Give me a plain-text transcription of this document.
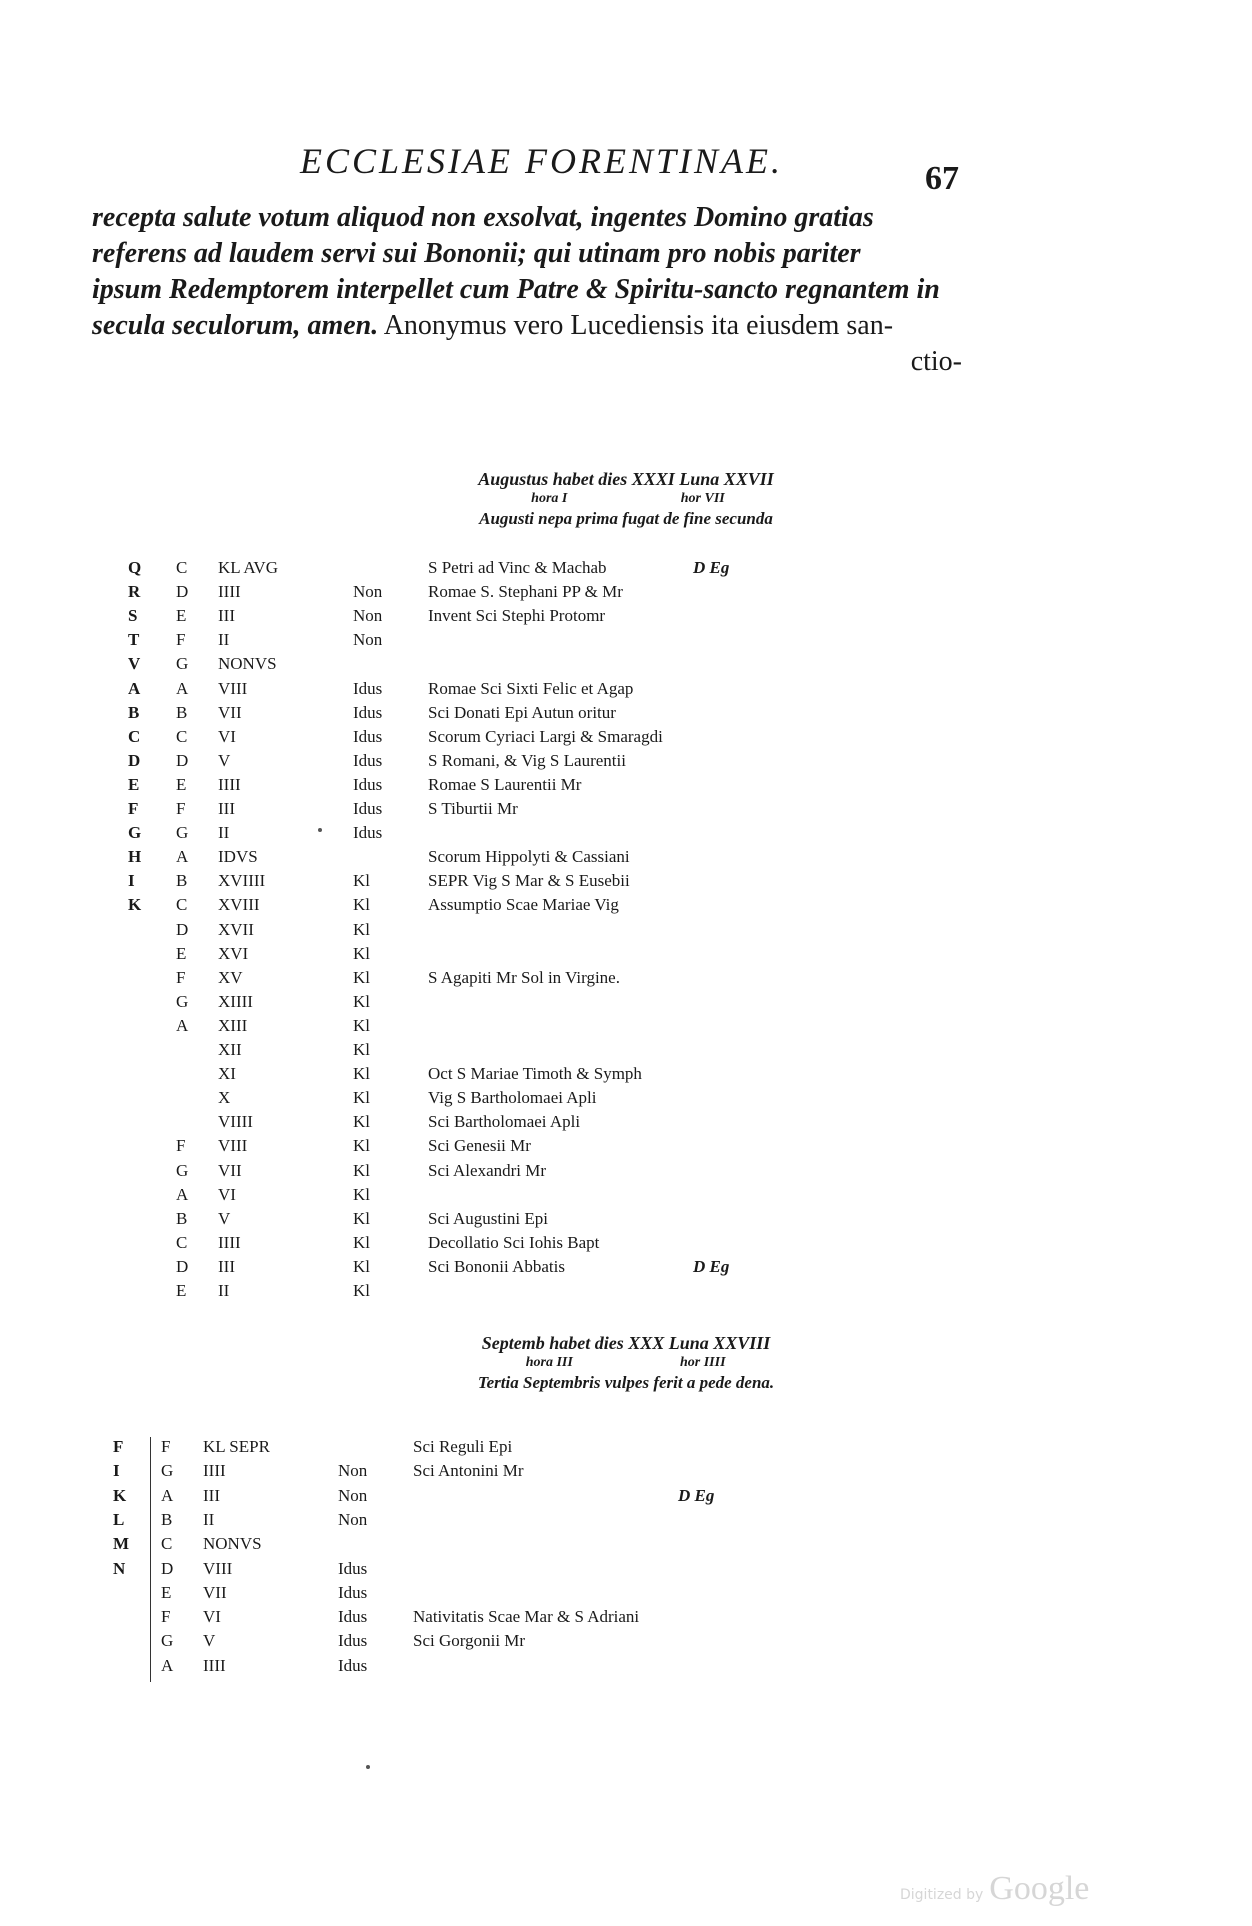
ECCLESIAE FORENTINAE.	67
recepta salute votum aliquod non exsolvat, ingentes Domino gratias
referens ad laudem servi sui Bononii; qui utinam pro nobis pariter
ipsum Redemptorem interpellet cum Patre & Spiritu-sancto regnantem in
secula seculorum, amen. Anonymus vero Lucediensis ita eiusdem san-
ctio-
Augustus habet dies XXXI Luna XXVII
hora I	hor VII
Augusti nepa prima fugat de fine secunda
Q C	KL AVG	S Petri ad Vinc & Machab	D Eg
R	D	IIII	Non	Romae S. Stephani PP & Mr
S	E	III	Non	Invent Sci Stephi Protomr
T	F	II	Non
V	G	NONVS
A	A	VIII	Idus	Romae Sci Sixti Felic et Agap
B	B	VII	Idus	Sci Donati Epi Autun oritur
C	C	VI	Idus	Scorum Cyriaci Largi & Smaragdi
D	D	V	Idus	S Romani, & Vig S Laurentii
E	E	IIII	Idus	Romae S Laurentii Mr
F	F	III	Idus	S Tiburtii Mr
G G	II	Idus
H A	IDVS	Scorum Hippolyti & Cassiani
I	B	XVIIII	Kl	SEPR Vig S Mar & S Eusebii
K C	XVIII	Kl	Assumptio Scae Mariae Vig
D	XVII	Kl
E	XVI	Kl
F	XV	Kl	S Agapiti Mr Sol in Virgine.
G	XIIII	Kl
A	XIII	Kl
XII	Kl
XI	Kl	Oct S Mariae Timoth & Symph
X	Kl	Vig S Bartholomaei Apli
VIIII	Kl	Sci Bartholomaei Apli
F	VIII	Kl	Sci Genesii Mr
G	VII	Kl	Sci Alexandri Mr
A	VI	Kl
B	V	Kl	Sci Augustini Epi
C	IIII	Kl	Decollatio Sci Iohis Bapt
D	III	Kl	Sci Bononii Abbatis	D Eg
E	II	Kl
Septemb habet dies XXX Luna XXVIII
hora III	hor IIII
Tertia Septembris vulpes ferit a pede dena.
F	F	KL SEPR	Sci Reguli Epi
I	G	IIII	Non	Sci Antonini Mr
K A	III	Non	D Eg
L	B	II	Non
M C	NONVS
N	D	VIII	Idus
E	VII	Idus
F	VI	Idus	Nativitatis Scae Mar & S Adriani
G	V	Idus	Sci Gorgonii Mr
A	IIII	Idus
Digitized by Google
